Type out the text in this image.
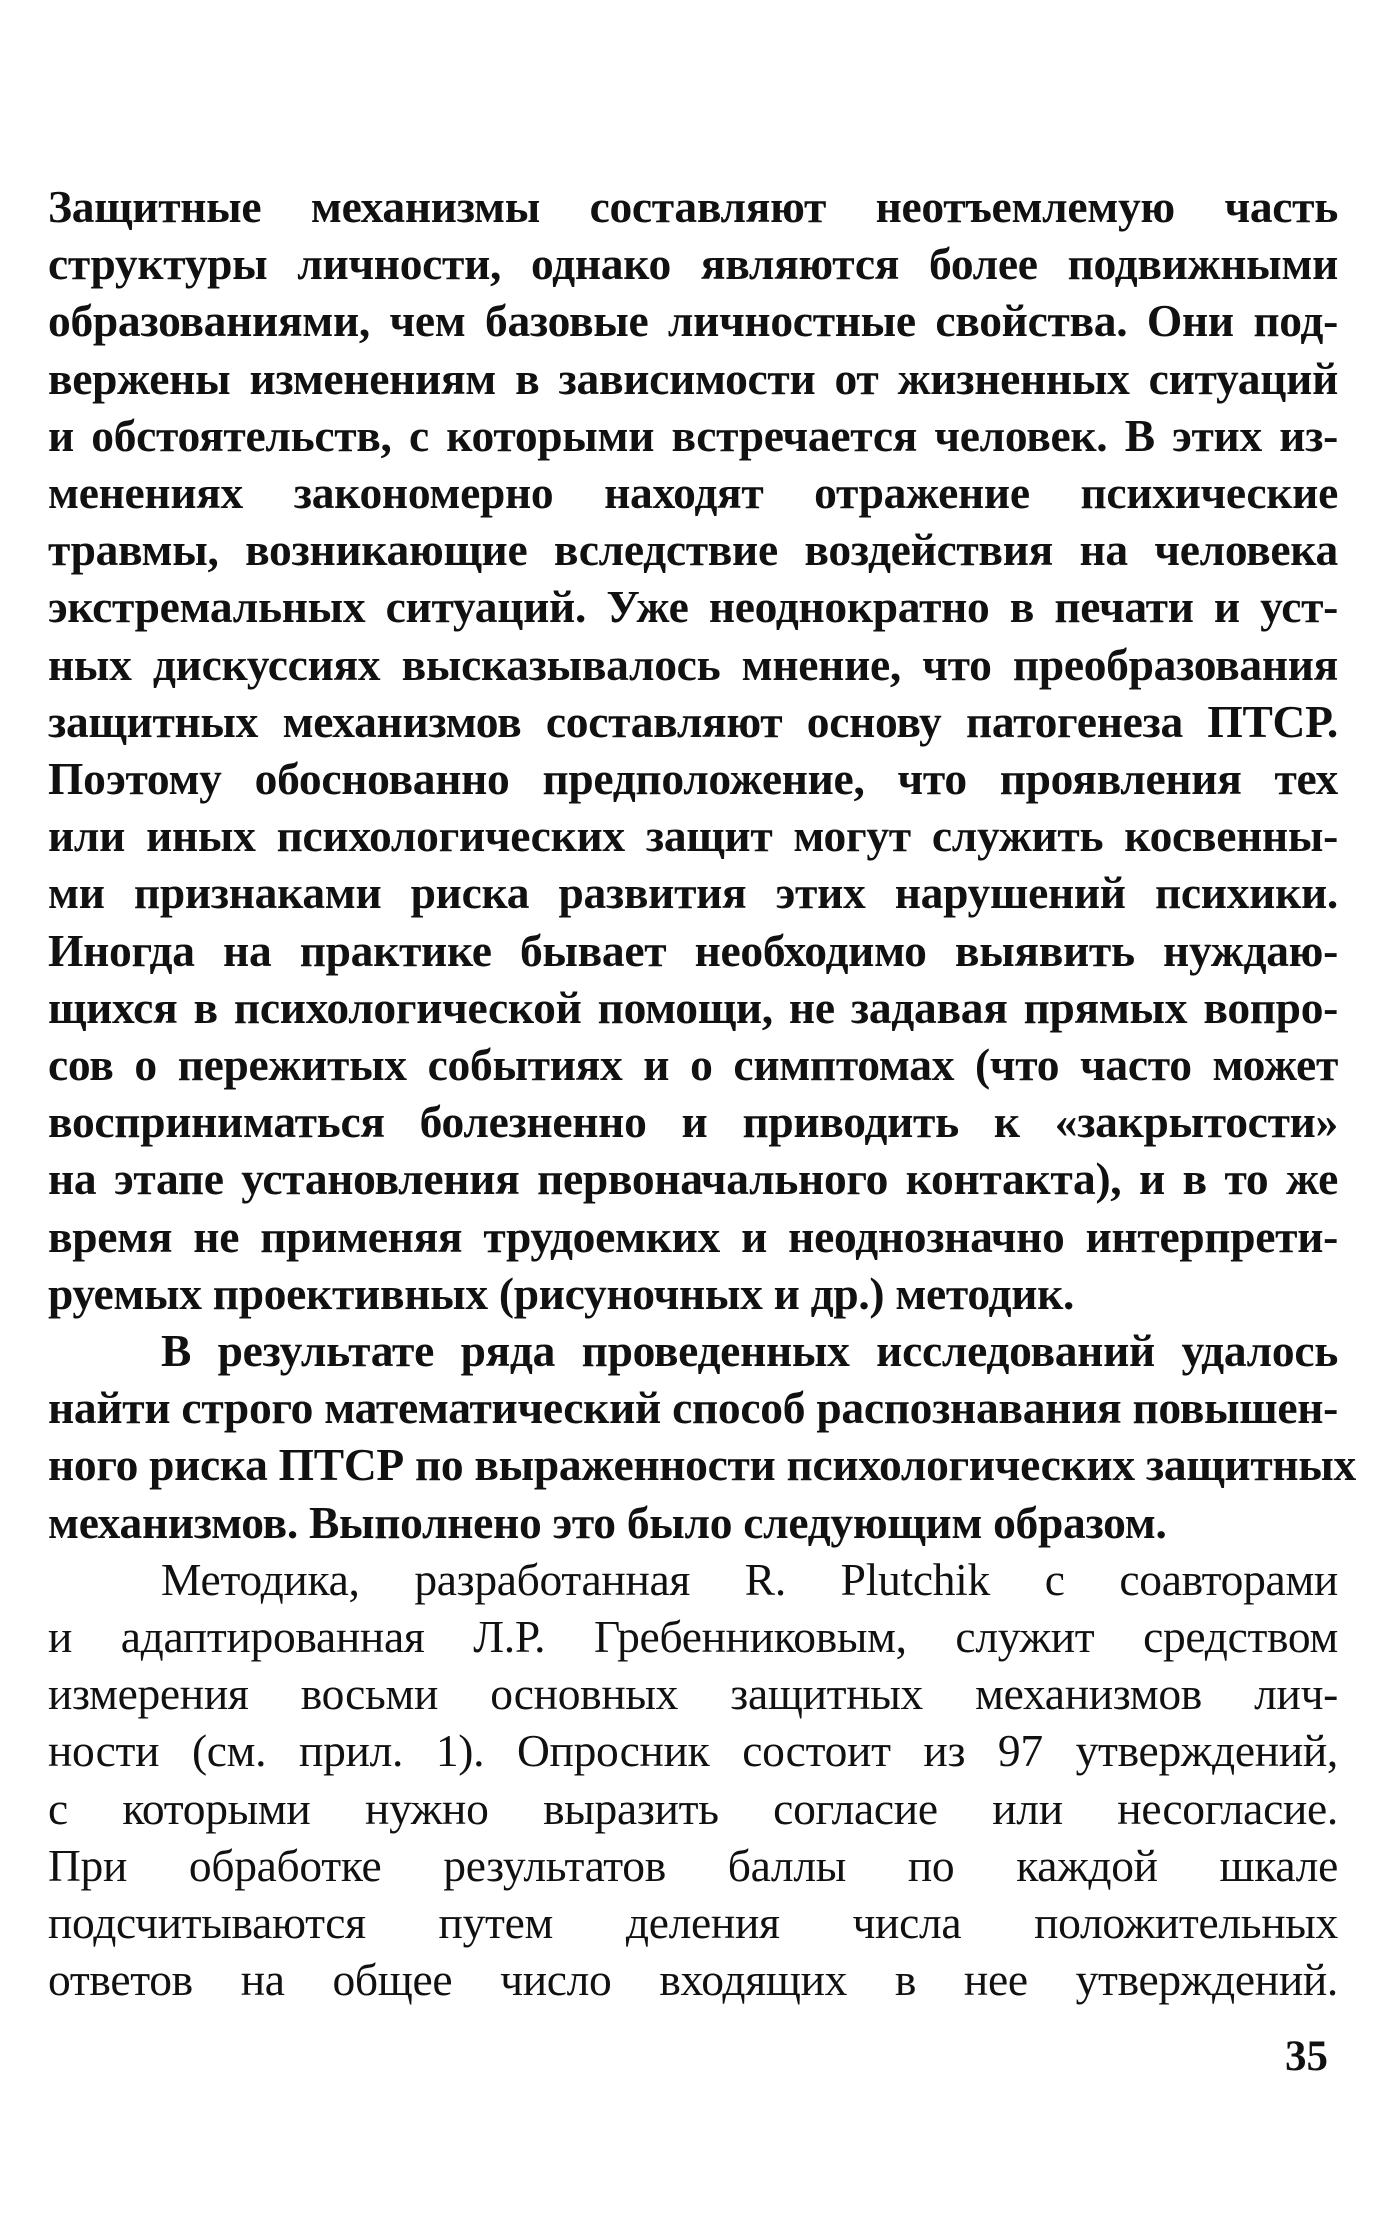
Защитные механизмы составляют неотъемлемую часть
структуры личности, однако являются более подвижными
образованиями, чем базовые личностные свойства. Они под-
вержены изменениям в зависимости от жизненных ситуаций
и обстоятельств, с которыми встречается человек. В этих из-
менениях закономерно находят отражение психические
травмы, возникающие вследствие воздействия на человека
экстремальных ситуаций. Уже неоднократно в печати и уст-
ных дискуссиях высказывалось мнение, что преобразования
защитных механизмов составляют основу патогенеза ПТСР.
Поэтому обоснованно предположение, что проявления тех
или иных психологических защит могут служить косвенны-
ми признаками риска развития этих нарушений психики.
Иногда на практике бывает необходимо выявить нуждаю-
щихся в психологической помощи, не задавая прямых вопро-
сов о пережитых событиях и о симптомах (что часто может
восприниматься болезненно и приводить к «закрытости»
на этапе установления первоначального контакта), и в то же
время не применяя трудоемких и неоднозначно интерпрети-
руемых проективных (рисуночных и др.) методик.

В результате ряда проведенных исследований удалось
найти строго математический способ распознавания повышен-
ного риска ПТСР по выраженности психологических защитных
механизмов. Выполнено это было следующим образом.

Методика, разработанная R. Plutchik с соавторами
и адаптированная Л.Р. Гребенниковым, служит средством
измерения восьми основных защитных механизмов лич-
ности (см. прил. 1). Опросник состоит из 97 утверждений,
с которыми нужно выразить согласие или несогласие.
При обработке результатов баллы по каждой шкале
подсчитываются путем деления числа положительных
ответов на общее число входящих в нее утверждений.

35
